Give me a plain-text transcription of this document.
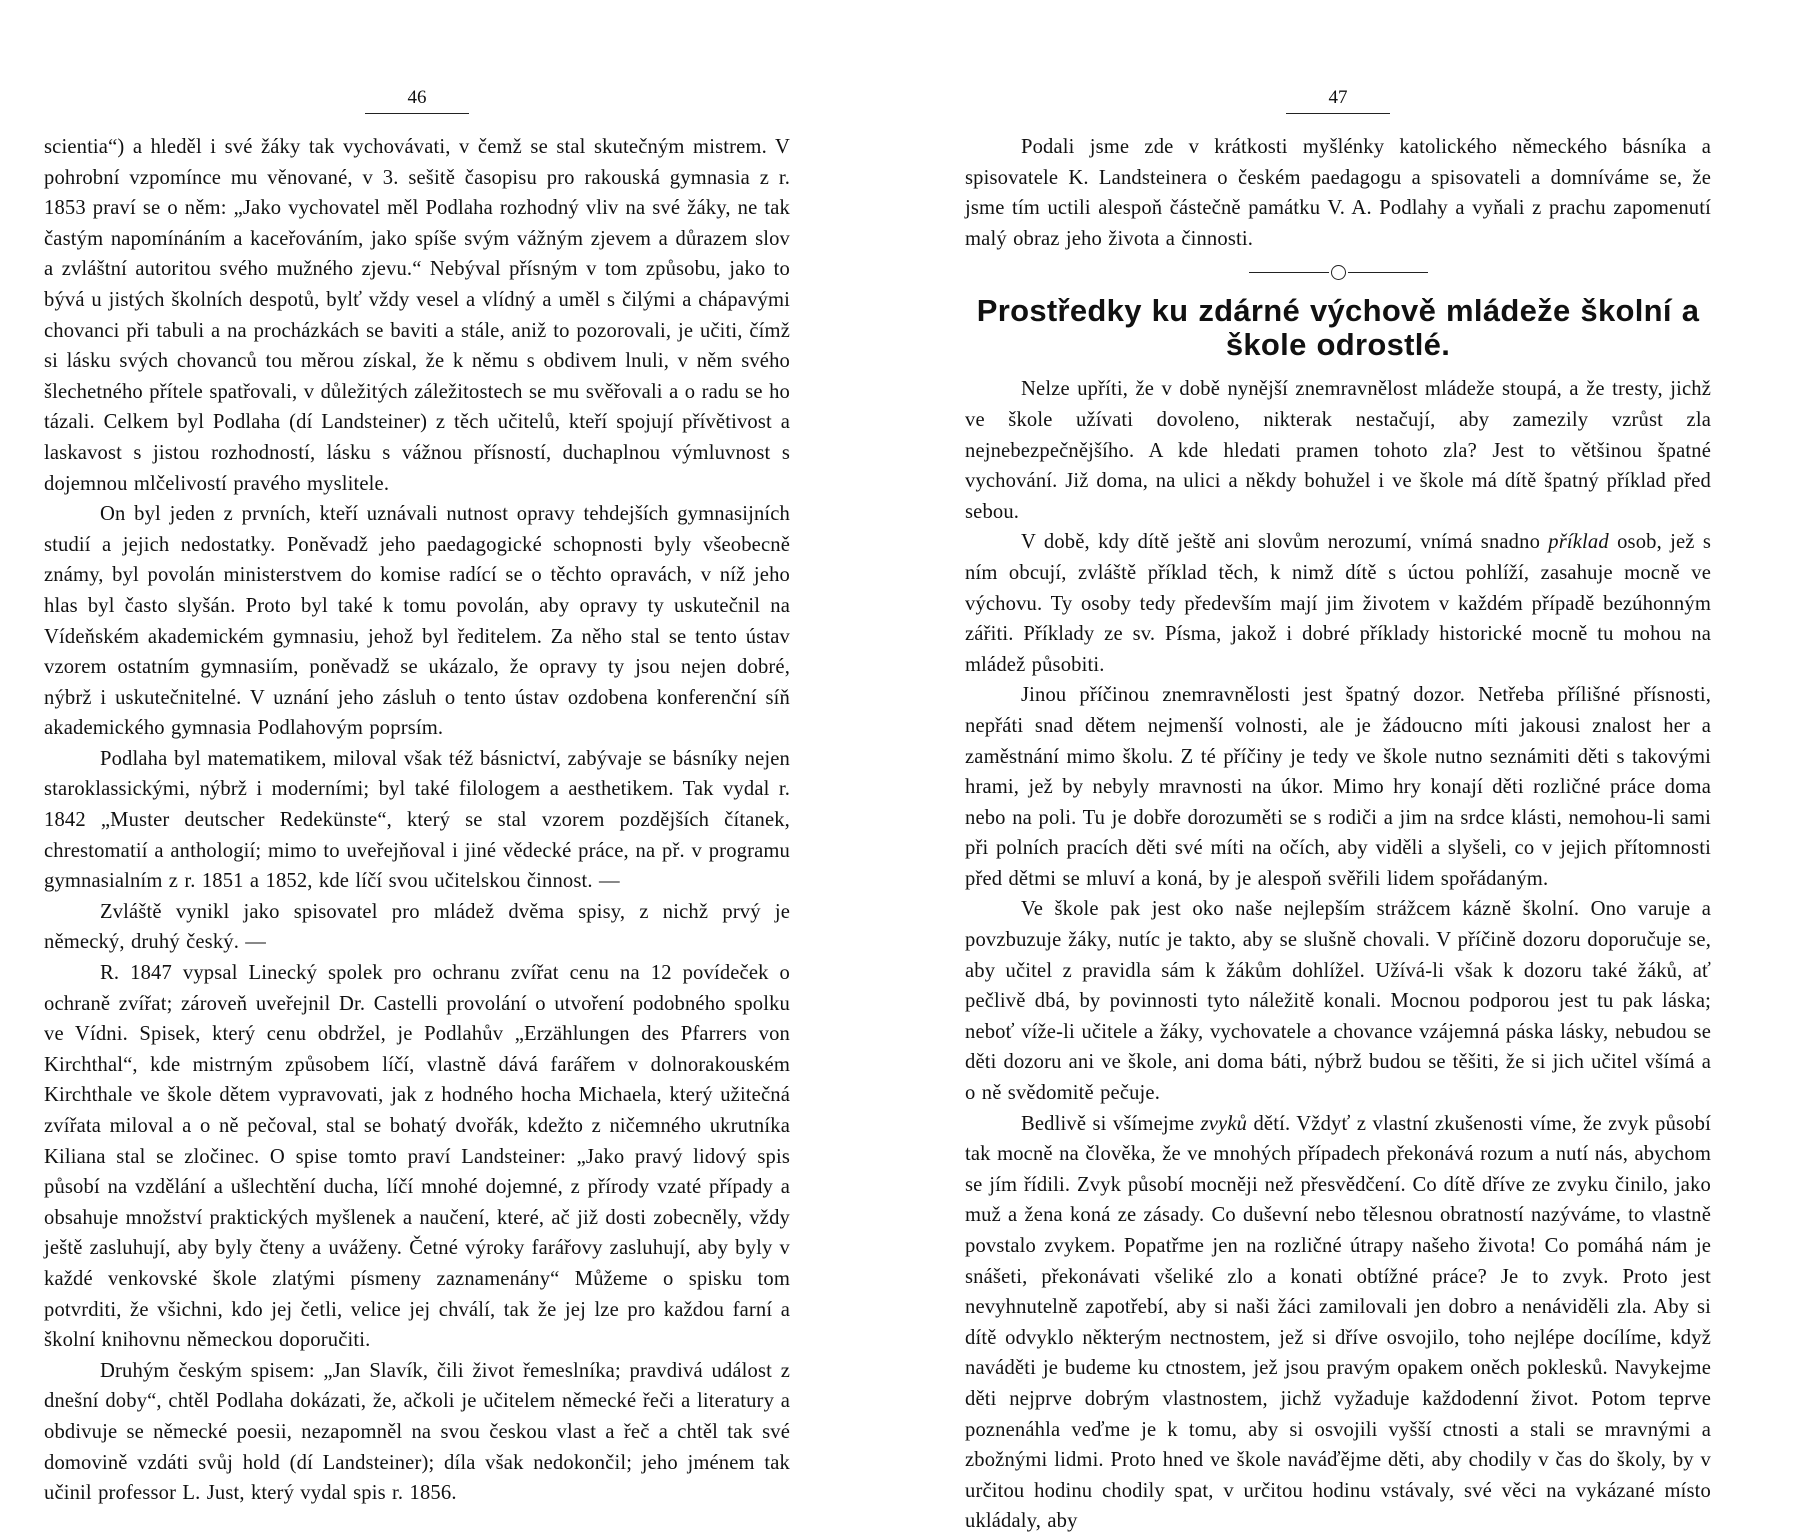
46

scientia“) a hleděl i své žáky tak vychovávati, v čemž se stal skutečným mistrem. V pohrobní vzpomínce mu věnované, v 3. sešitě časopisu pro rakouská gymnasia z r. 1853 praví se o něm: „Jako vychovatel měl Podlaha rozhodný vliv na své žáky, ne tak častým napomínáním a kaceřováním, jako spíše svým vážným zjevem a důrazem slov a zvláštní autoritou svého mužného zjevu.“ Nebýval přísným v tom způsobu, jako to bývá u jistých školních despotů, bylť vždy vesel a vlídný a uměl s čilými a chápavými chovanci při tabuli a na procházkách se baviti a stále, aniž to pozorovali, je učiti, čímž si lásku svých chovanců tou měrou získal, že k němu s obdivem lnuli, v něm svého šlechetného přítele spatřovali, v důležitých záležitostech se mu svěřovali a o radu se ho tázali. Celkem byl Podlaha (dí Landsteiner) z těch učitelů, kteří spojují přívětivost a laskavost s jistou rozhodností, lásku s vážnou přísností, duchaplnou výmluvnost s dojemnou mlčelivostí pravého myslitele.

On byl jeden z prvních, kteří uznávali nutnost opravy tehdejších gymnasijních studií a jejich nedostatky. Poněvadž jeho paedagogické schopnosti byly všeobecně známy, byl povolán ministerstvem do komise radící se o těchto opravách, v níž jeho hlas byl často slyšán. Proto byl také k tomu povolán, aby opravy ty uskutečnil na Vídeňském akademickém gymnasiu, jehož byl ředitelem. Za něho stal se tento ústav vzorem ostatním gymnasiím, poněvadž se ukázalo, že opravy ty jsou nejen dobré, nýbrž i uskutečnitelné. V uznání jeho zásluh o tento ústav ozdobena konferenční síň akademického gymnasia Podlahovým poprsím.

Podlaha byl matematikem, miloval však též básnictví, zabývaje se básníky nejen staroklassickými, nýbrž i moderními; byl také filologem a aesthetikem. Tak vydal r. 1842 „Muster deutscher Redekünste“, který se stal vzorem pozdějších čítanek, chrestomatií a anthologií; mimo to uveřejňoval i jiné vědecké práce, na př. v programu gymnasialním z r. 1851 a 1852, kde líčí svou učitelskou činnost. —

Zvláště vynikl jako spisovatel pro mládež dvěma spisy, z nichž prvý je německý, druhý český. —

R. 1847 vypsal Linecký spolek pro ochranu zvířat cenu na 12 povídeček o ochraně zvířat; zároveň uveřejnil Dr. Castelli provolání o utvoření podobného spolku ve Vídni. Spisek, který cenu obdržel, je Podlahův „Erzählungen des Pfarrers von Kirchthal“, kde mistrným způsobem líčí, vlastně dává farářem v dolnorakouském Kirchthale ve škole dětem vypravovati, jak z hodného hocha Michaela, který užitečná zvířata miloval a o ně pečoval, stal se bohatý dvořák, kdežto z ničemného ukrutníka Kiliana stal se zločinec. O spise tomto praví Landsteiner: „Jako pravý lidový spis působí na vzdělání a ušlechtění ducha, líčí mnohé dojemné, z přírody vzaté případy a obsahuje množství praktických myšlenek a naučení, které, ač již dosti zobecněly, vždy ještě zasluhují, aby byly čteny a uváženy. Četné výroky farářovy zasluhují, aby byly v každé venkovské škole zlatými písmeny zaznamenány“ Můžeme o spisku tom potvrditi, že všichni, kdo jej četli, velice jej chválí, tak že jej lze pro každou farní a školní knihovnu německou doporučiti.

Druhým českým spisem: „Jan Slavík, čili život řemeslníka; pravdivá událost z dnešní doby“, chtěl Podlaha dokázati, že, ačkoli je učitelem německé řeči a literatury a obdivuje se německé poesii, nezapomněl na svou českou vlast a řeč a chtěl tak své domovině vzdáti svůj hold (dí Landsteiner); díla však nedokončil; jeho jménem tak učinil professor L. Just, který vydal spis r. 1856.

47

Podali jsme zde v krátkosti myšlénky katolického německého básníka a spisovatele K. Landsteinera o českém paedagogu a spisovateli a domníváme se, že jsme tím uctili alespoň částečně památku V. A. Podlahy a vyňali z prachu zapomenutí malý obraz jeho života a činnosti.

Prostředky ku zdárné výchově mládeže školní a škole odrostlé.

Nelze upříti, že v době nynější znemravnělost mládeže stoupá, a že tresty, jichž ve škole užívati dovoleno, nikterak nestačují, aby zamezily vzrůst zla nejnebezpečnějšího. A kde hledati pramen tohoto zla? Jest to většinou špatné vychování. Již doma, na ulici a někdy bohužel i ve škole má dítě špatný příklad před sebou.

V době, kdy dítě ještě ani slovům nerozumí, vnímá snadno příklad osob, jež s ním obcují, zvláště příklad těch, k nimž dítě s úctou pohlíží, zasahuje mocně ve výchovu. Ty osoby tedy především mají jim životem v každém případě bezúhonným zářiti. Příklady ze sv. Písma, jakož i dobré příklady historické mocně tu mohou na mládež působiti.

Jinou příčinou znemravnělosti jest špatný dozor. Netřeba přílišné přísnosti, nepřáti snad dětem nejmenší volnosti, ale je žádoucno míti jakousi znalost her a zaměstnání mimo školu. Z té příčiny je tedy ve škole nutno seznámiti děti s takovými hrami, jež by nebyly mravnosti na úkor. Mimo hry konají děti rozličné práce doma nebo na poli. Tu je dobře dorozuměti se s rodiči a jim na srdce klásti, nemohou-li sami při polních pracích děti své míti na očích, aby viděli a slyšeli, co v jejich přítomnosti před dětmi se mluví a koná, by je alespoň svěřili lidem spořádaným.

Ve škole pak jest oko naše nejlepším strážcem kázně školní. Ono varuje a povzbuzuje žáky, nutíc je takto, aby se slušně chovali. V příčině dozoru doporučuje se, aby učitel z pravidla sám k žákům dohlížel. Užívá-li však k dozoru také žáků, ať pečlivě dbá, by povinnosti tyto náležitě konali. Mocnou podporou jest tu pak láska; neboť víže-li učitele a žáky, vychovatele a chovance vzájemná páska lásky, nebudou se děti dozoru ani ve škole, ani doma báti, nýbrž budou se těšiti, že si jich učitel všímá a o ně svědomitě pečuje.

Bedlivě si všímejme zvyků dětí. Vždyť z vlastní zkušenosti víme, že zvyk působí tak mocně na člověka, že ve mnohých případech překonává rozum a nutí nás, abychom se jím řídili. Zvyk působí mocněji než přesvědčení. Co dítě dříve ze zvyku činilo, jako muž a žena koná ze zásady. Co duševní nebo tělesnou obratností nazýváme, to vlastně povstalo zvykem. Popatřme jen na rozličné útrapy našeho života! Co pomáhá nám je snášeti, překonávati všeliké zlo a konati obtížné práce? Je to zvyk. Proto jest nevyhnutelně zapotřebí, aby si naši žáci zamilovali jen dobro a nenáviděli zla. Aby si dítě odvyklo některým nectnostem, jež si dříve osvojilo, toho nejlépe docílíme, když naváděti je budeme ku ctnostem, jež jsou pravým opakem oněch poklesků. Navykejme děti nejprve dobrým vlastnostem, jichž vyžaduje každodenní život. Potom teprve poznenáhla veďme je k tomu, aby si osvojili vyšší ctnosti a stali se mravnými a zbožnými lidmi. Proto hned ve škole naváďějme děti, aby chodily v čas do školy, by v určitou hodinu chodily spat, v určitou hodinu vstávaly, své věci na vykázané místo ukládaly, aby
